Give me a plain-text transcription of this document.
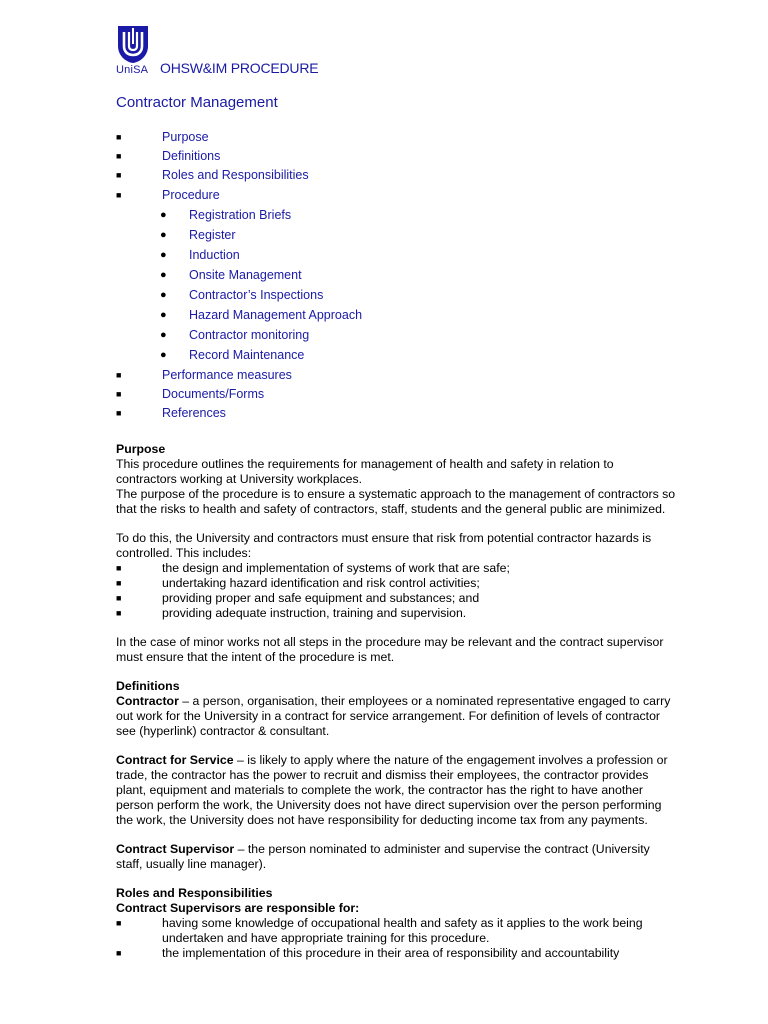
UniSA OHSW&IM PROCEDURE
Contractor Management
■	Purpose
■	Definitions
■	Roles and Responsibilities
■	Procedure
● Registration Briefs
● Register
● Induction
● Onsite Management
● Contractor’s Inspections
● Hazard Management Approach
● Contractor monitoring
● Record Maintenance
■	Performance measures
■	Documents/Forms
■	References

Purpose

This procedure outlines the requirements for management of health and safety in relation to contractors working at University workplaces.

The purpose of the procedure is to ensure a systematic approach to the management of contractors so that the risks to health and safety of contractors, staff, students and the general public are minimized.

To do this, the University and contractors must ensure that risk from potential contractor hazards is controlled. This includes:

■	the design and implementation of systems of work that are safe;
■	undertaking hazard identification and risk control activities;
■	providing proper and safe equipment and substances; and
■	providing adequate instruction, training and supervision.

In the case of minor works not all steps in the procedure may be relevant and the contract supervisor must ensure that the intent of the procedure is met.

Definitions

Contractor – a person, organisation, their employees or a nominated representative engaged to carry out work for the University in a contract for service arrangement. For definition of levels of contractor see (hyperlink) contractor & consultant.

Contract for Service – is likely to apply where the nature of the engagement involves a profession or trade, the contractor has the power to recruit and dismiss their employees, the contractor provides plant, equipment and materials to complete the work, the contractor has the right to have another person perform the work, the University does not have direct supervision over the person performing the work, the University does not have responsibility for deducting income tax from any payments.

Contract Supervisor – the person nominated to administer and supervise the contract (University staff, usually line manager).

Roles and Responsibilities

Contract Supervisors are responsible for:

■	having some knowledge of occupational health and safety as it applies to the work being undertaken and have appropriate training for this procedure.
■	the implementation of this procedure in their area of responsibility and accountability
